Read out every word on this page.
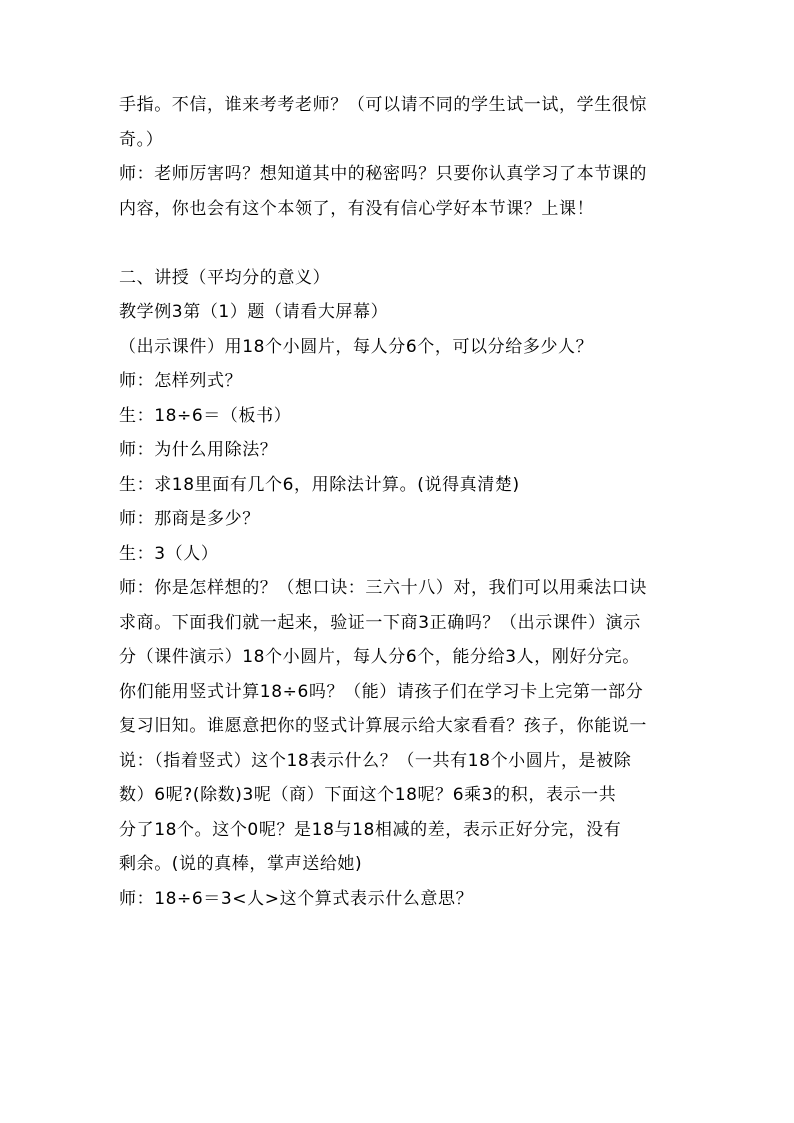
手指。不信，谁来考考老师？（可以请不同的学生试一试，学生很惊
奇。）
师：老师厉害吗？想知道其中的秘密吗？只要你认真学习了本节课的
内容，你也会有这个本领了，有没有信心学好本节课？上课！
二、讲授（平均分的意义）
教学例3第（1）题（请看大屏幕）
（出示课件）用18个小圆片，每人分6个，可以分给多少人？
师：怎样列式？
生：18÷6＝（板书）
师：为什么用除法？
生：求18里面有几个6，用除法计算。(说得真清楚)
师：那商是多少？
生：3（人）
师：你是怎样想的？（想口诀：三六十八）对，我们可以用乘法口诀
求商。下面我们就一起来，验证一下商3正确吗？（出示课件）演示
分（课件演示）18个小圆片，每人分6个，能分给3人，刚好分完。
你们能用竖式计算18÷6吗？（能）请孩子们在学习卡上完第一部分
复习旧知。谁愿意把你的竖式计算展示给大家看看？孩子，你能说一
说：（指着竖式）这个18表示什么？（一共有18个小圆片，是被除
数）6呢?(除数)3呢（商）下面这个18呢？6乘3的积，表示一共
分了18个。这个0呢？是18与18相减的差，表示正好分完，没有
剩余。(说的真棒，掌声送给她)
师：18÷6＝3<人>这个算式表示什么意思？
